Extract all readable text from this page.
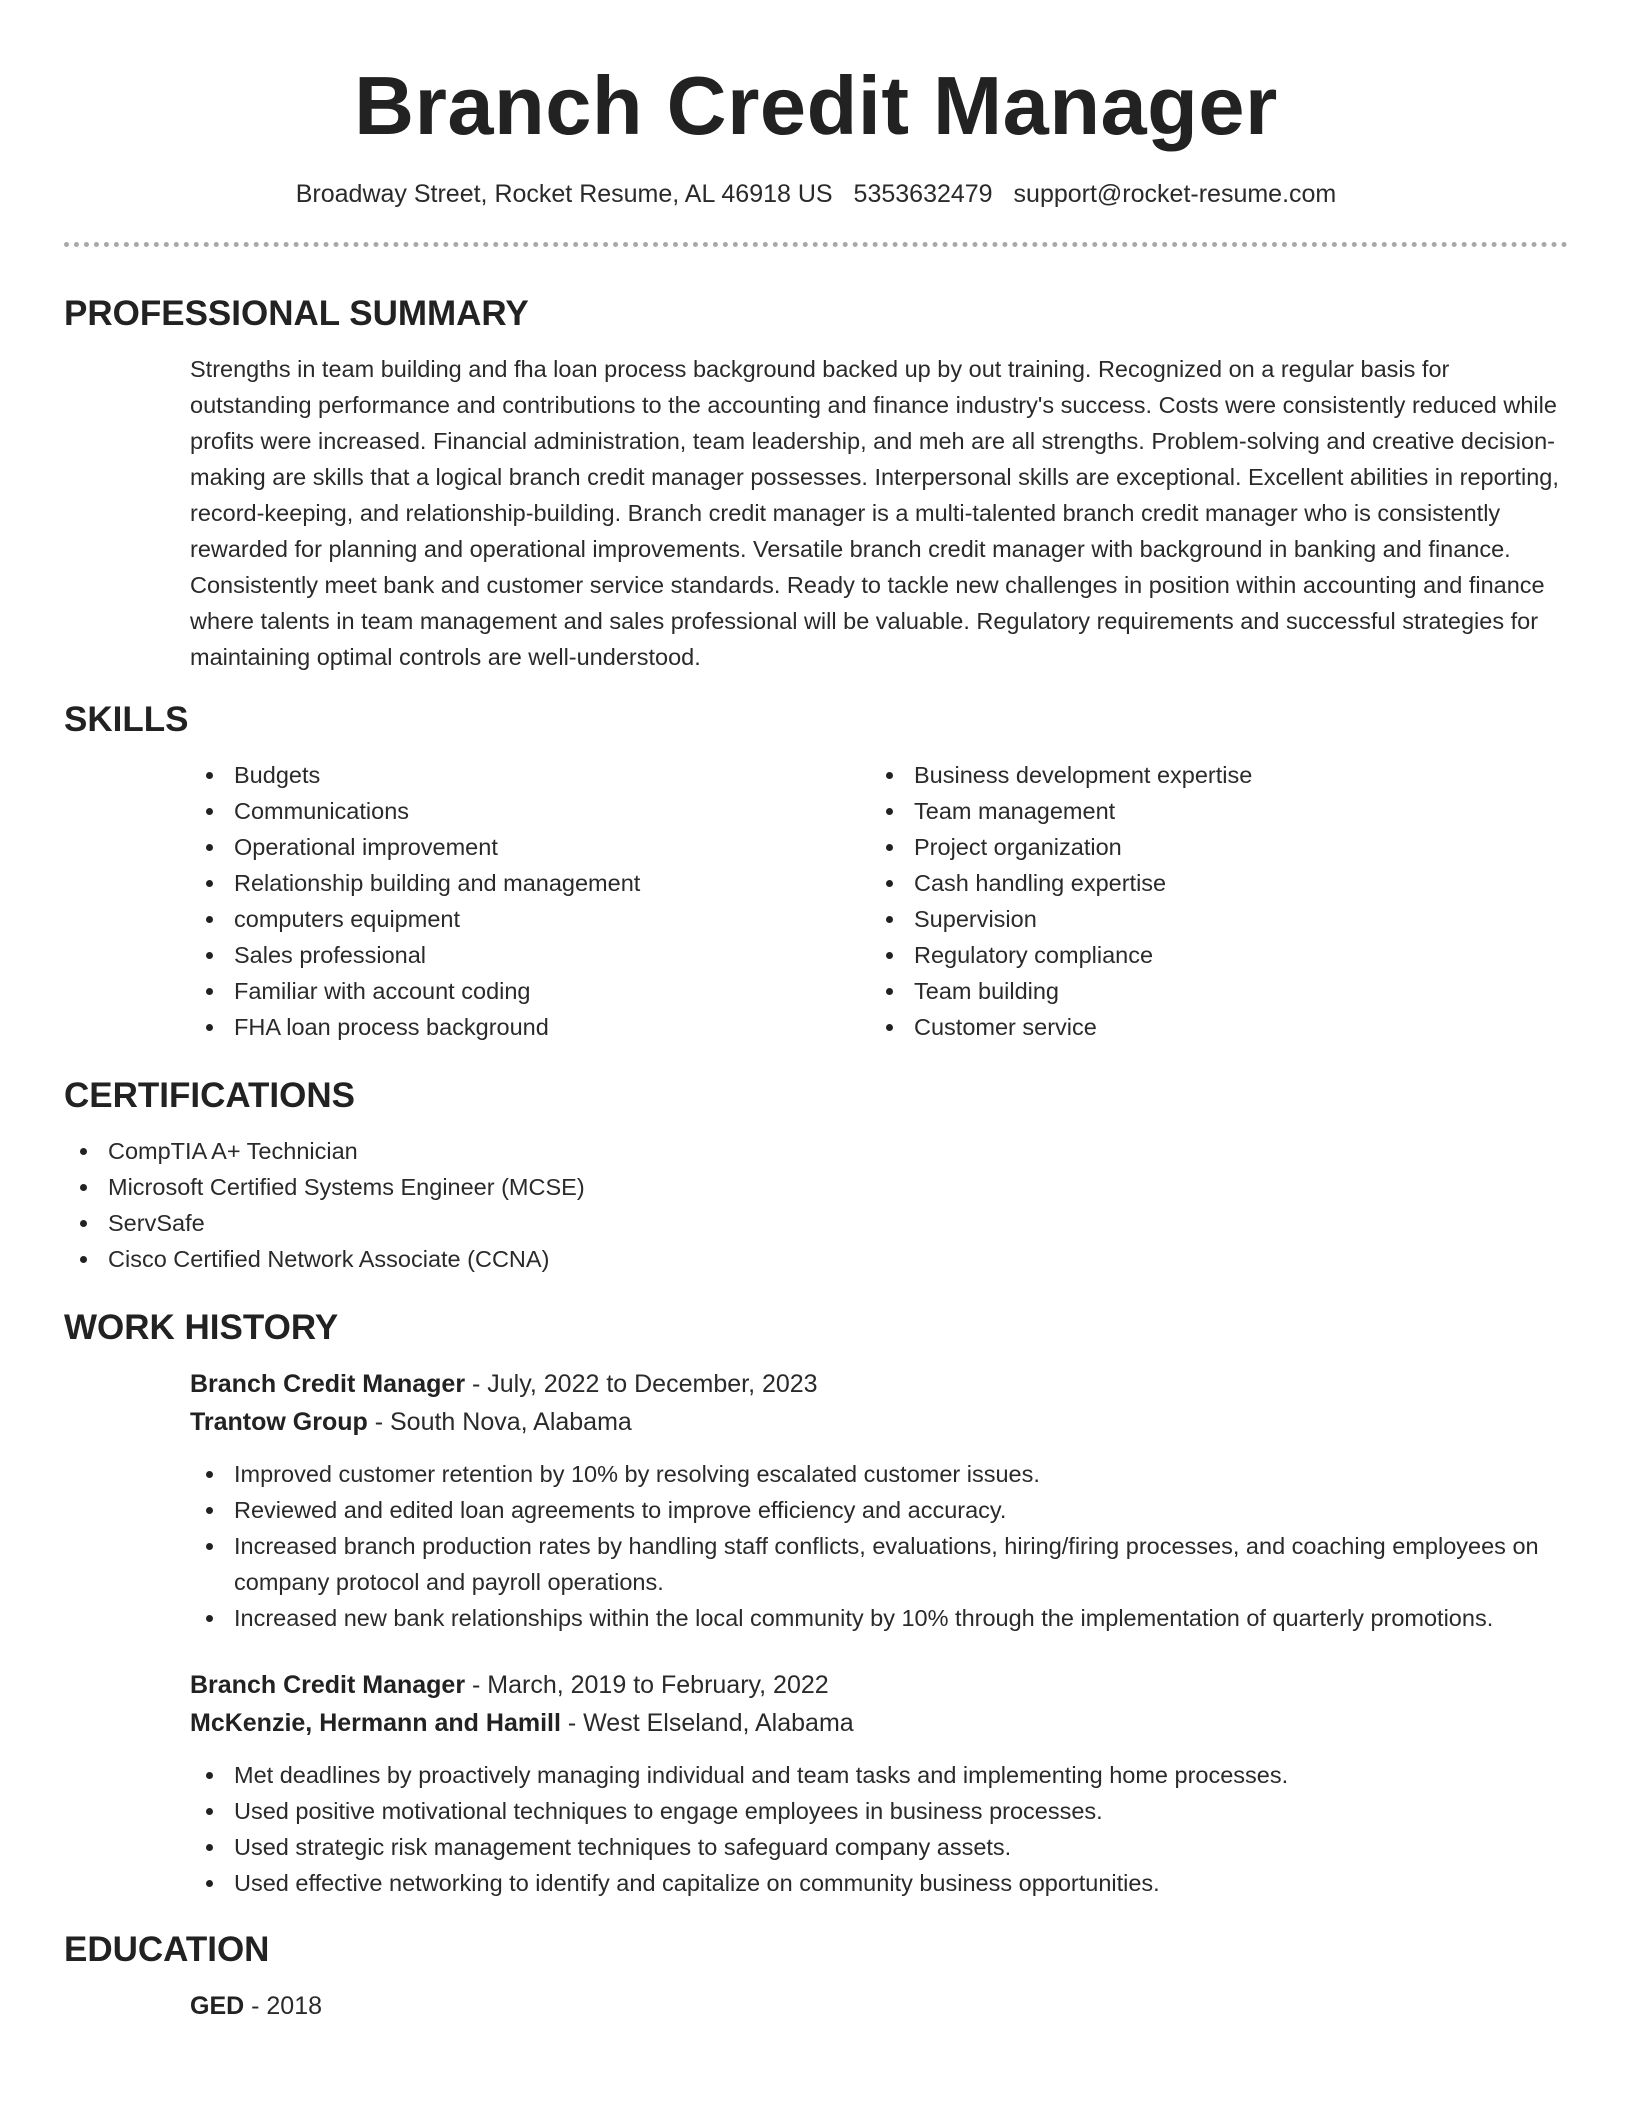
Branch Credit Manager
Broadway Street, Rocket Resume, AL 46918 US 5353632479 support@rocket-resume.com
PROFESSIONAL SUMMARY
Strengths in team building and fha loan process background backed up by out training. Recognized on a regular basis for outstanding performance and contributions to the accounting and finance industry's success. Costs were consistently reduced while profits were increased. Financial administration, team leadership, and meh are all strengths. Problem-solving and creative decision-making are skills that a logical branch credit manager possesses. Interpersonal skills are exceptional. Excellent abilities in reporting, record-keeping, and relationship-building. Branch credit manager is a multi-talented branch credit manager who is consistently rewarded for planning and operational improvements. Versatile branch credit manager with background in banking and finance. Consistently meet bank and customer service standards. Ready to tackle new challenges in position within accounting and finance where talents in team management and sales professional will be valuable. Regulatory requirements and successful strategies for maintaining optimal controls are well-understood.
SKILLS
Budgets
Communications
Operational improvement
Relationship building and management
computers equipment
Sales professional
Familiar with account coding
FHA loan process background
Business development expertise
Team management
Project organization
Cash handling expertise
Supervision
Regulatory compliance
Team building
Customer service
CERTIFICATIONS
CompTIA A+ Technician
Microsoft Certified Systems Engineer (MCSE)
ServSafe
Cisco Certified Network Associate (CCNA)
WORK HISTORY
Branch Credit Manager - July, 2022 to December, 2023
Trantow Group - South Nova, Alabama
Improved customer retention by 10% by resolving escalated customer issues.
Reviewed and edited loan agreements to improve efficiency and accuracy.
Increased branch production rates by handling staff conflicts, evaluations, hiring/firing processes, and coaching employees on company protocol and payroll operations.
Increased new bank relationships within the local community by 10% through the implementation of quarterly promotions.
Branch Credit Manager - March, 2019 to February, 2022
McKenzie, Hermann and Hamill - West Elseland, Alabama
Met deadlines by proactively managing individual and team tasks and implementing home processes.
Used positive motivational techniques to engage employees in business processes.
Used strategic risk management techniques to safeguard company assets.
Used effective networking to identify and capitalize on community business opportunities.
EDUCATION
GED - 2018
